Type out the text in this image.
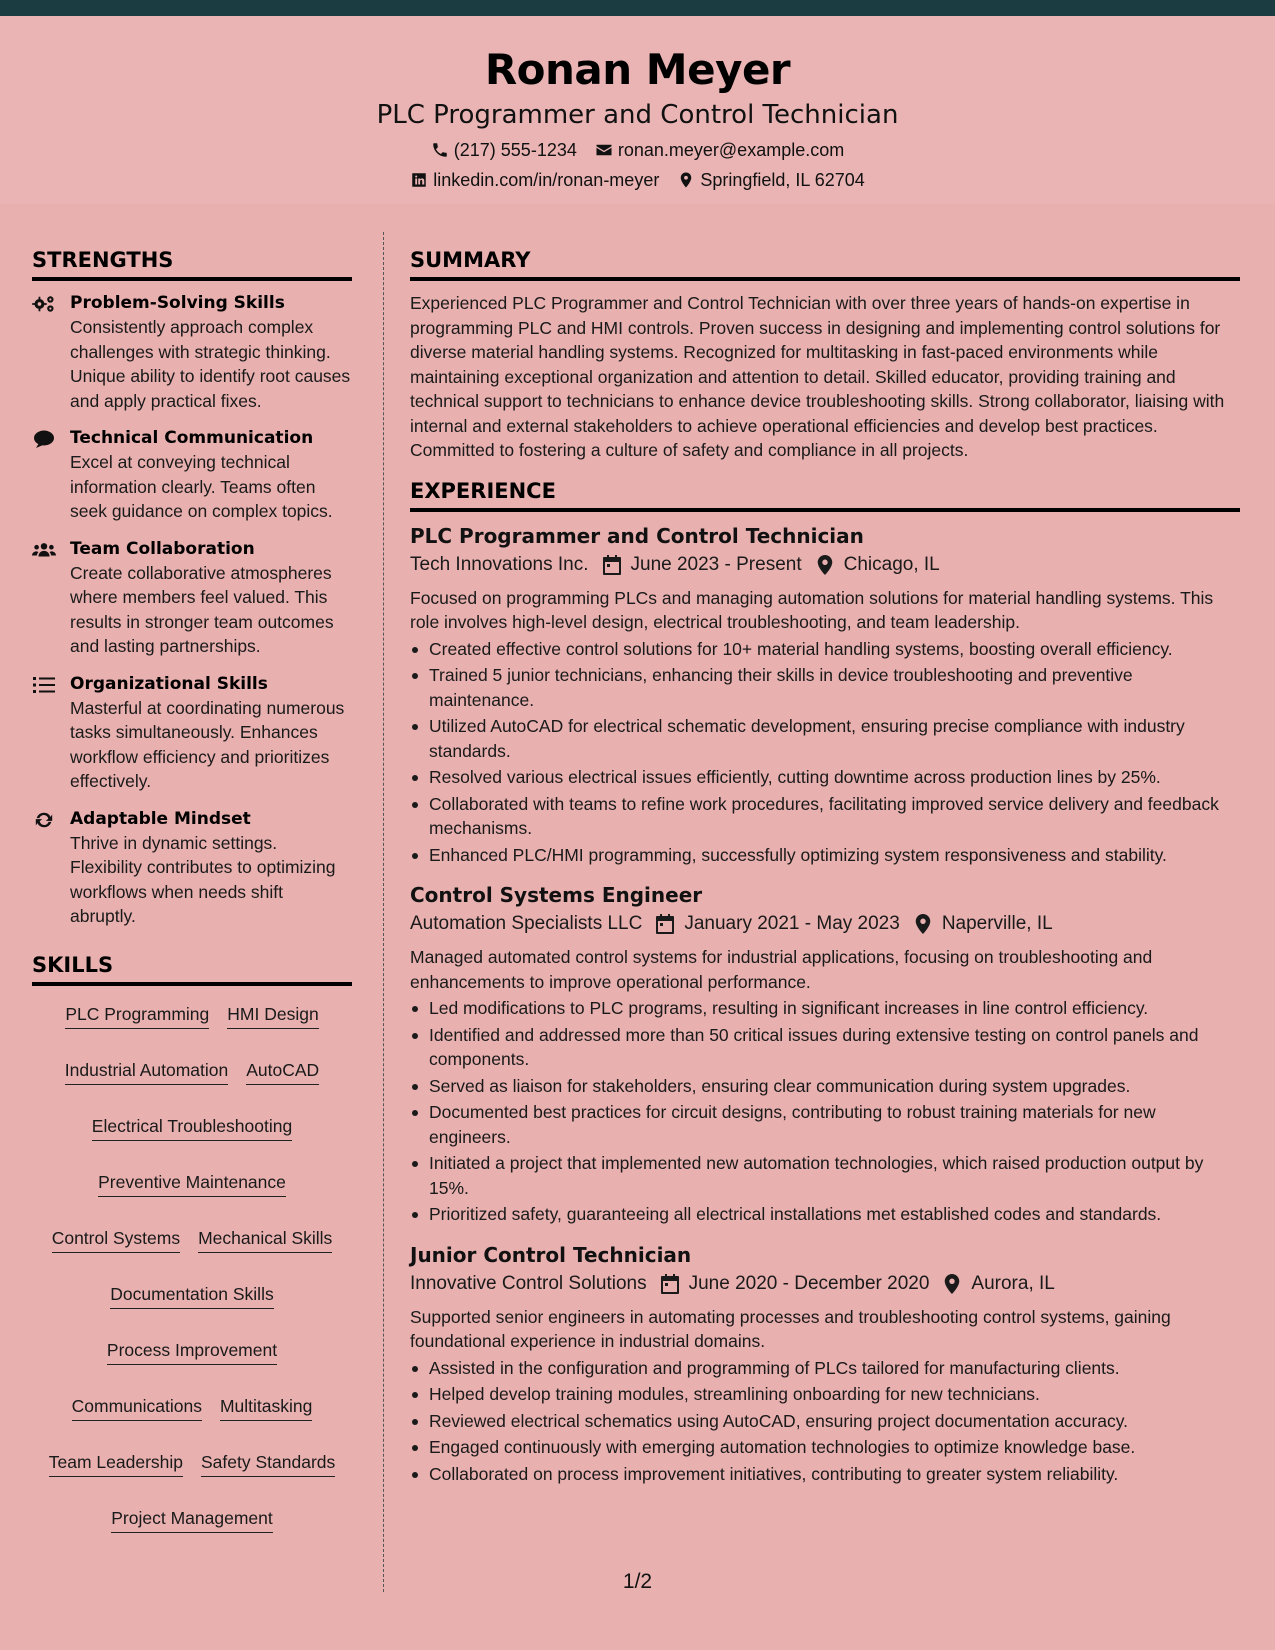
Ronan Meyer
PLC Programmer and Control Technician
(217) 555-1234 ronan.meyer@example.com
linkedin.com/in/ronan-meyer Springfield, IL 62704
STRENGTHS
Problem-Solving Skills
Consistently approach complex challenges with strategic thinking. Unique ability to identify root causes and apply practical fixes.
Technical Communication
Excel at conveying technical information clearly. Teams often seek guidance on complex topics.
Team Collaboration
Create collaborative atmospheres where members feel valued. This results in stronger team outcomes and lasting partnerships.
Organizational Skills
Masterful at coordinating numerous tasks simultaneously. Enhances workflow efficiency and prioritizes effectively.
Adaptable Mindset
Thrive in dynamic settings. Flexibility contributes to optimizing workflows when needs shift abruptly.
SKILLS
PLC Programming HMI Design
Industrial Automation AutoCAD
Electrical Troubleshooting
Preventive Maintenance
Control Systems Mechanical Skills
Documentation Skills
Process Improvement
Communications Multitasking
Team Leadership Safety Standards
Project Management
SUMMARY

Experienced PLC Programmer and Control Technician with over three years of hands-on expertise in programming PLC and HMI controls. Proven success in designing and implementing control solutions for diverse material handling systems. Recognized for multitasking in fast-paced environments while maintaining exceptional organization and attention to detail. Skilled educator, providing training and technical support to technicians to enhance device troubleshooting skills. Strong collaborator, liaising with internal and external stakeholders to achieve operational efficiencies and develop best practices. Committed to fostering a culture of safety and compliance in all projects.

EXPERIENCE
PLC Programmer and Control Technician
Tech Innovations Inc. June 2023 - Present Chicago, IL

Focused on programming PLCs and managing automation solutions for material handling systems. This role involves high-level design, electrical troubleshooting, and team leadership.

Created effective control solutions for 10+ material handling systems, boosting overall efficiency.
Trained 5 junior technicians, enhancing their skills in device troubleshooting and preventive maintenance.
Utilized AutoCAD for electrical schematic development, ensuring precise compliance with industry standards.
Resolved various electrical issues efficiently, cutting downtime across production lines by 25%.
Collaborated with teams to refine work procedures, facilitating improved service delivery and feedback mechanisms.
Enhanced PLC/HMI programming, successfully optimizing system responsiveness and stability.
Control Systems Engineer
Automation Specialists LLC January 2021 - May 2023 Naperville, IL

Managed automated control systems for industrial applications, focusing on troubleshooting and enhancements to improve operational performance.

Led modifications to PLC programs, resulting in significant increases in line control efficiency.
Identified and addressed more than 50 critical issues during extensive testing on control panels and components.
Served as liaison for stakeholders, ensuring clear communication during system upgrades.
Documented best practices for circuit designs, contributing to robust training materials for new engineers.
Initiated a project that implemented new automation technologies, which raised production output by 15%.
Prioritized safety, guaranteeing all electrical installations met established codes and standards.
Junior Control Technician
Innovative Control Solutions June 2020 - December 2020 Aurora, IL

Supported senior engineers in automating processes and troubleshooting control systems, gaining foundational experience in industrial domains.

Assisted in the configuration and programming of PLCs tailored for manufacturing clients.
Helped develop training modules, streamlining onboarding for new technicians.
Reviewed electrical schematics using AutoCAD, ensuring project documentation accuracy.
Engaged continuously with emerging automation technologies to optimize knowledge base.
Collaborated on process improvement initiatives, contributing to greater system reliability.
1/2
